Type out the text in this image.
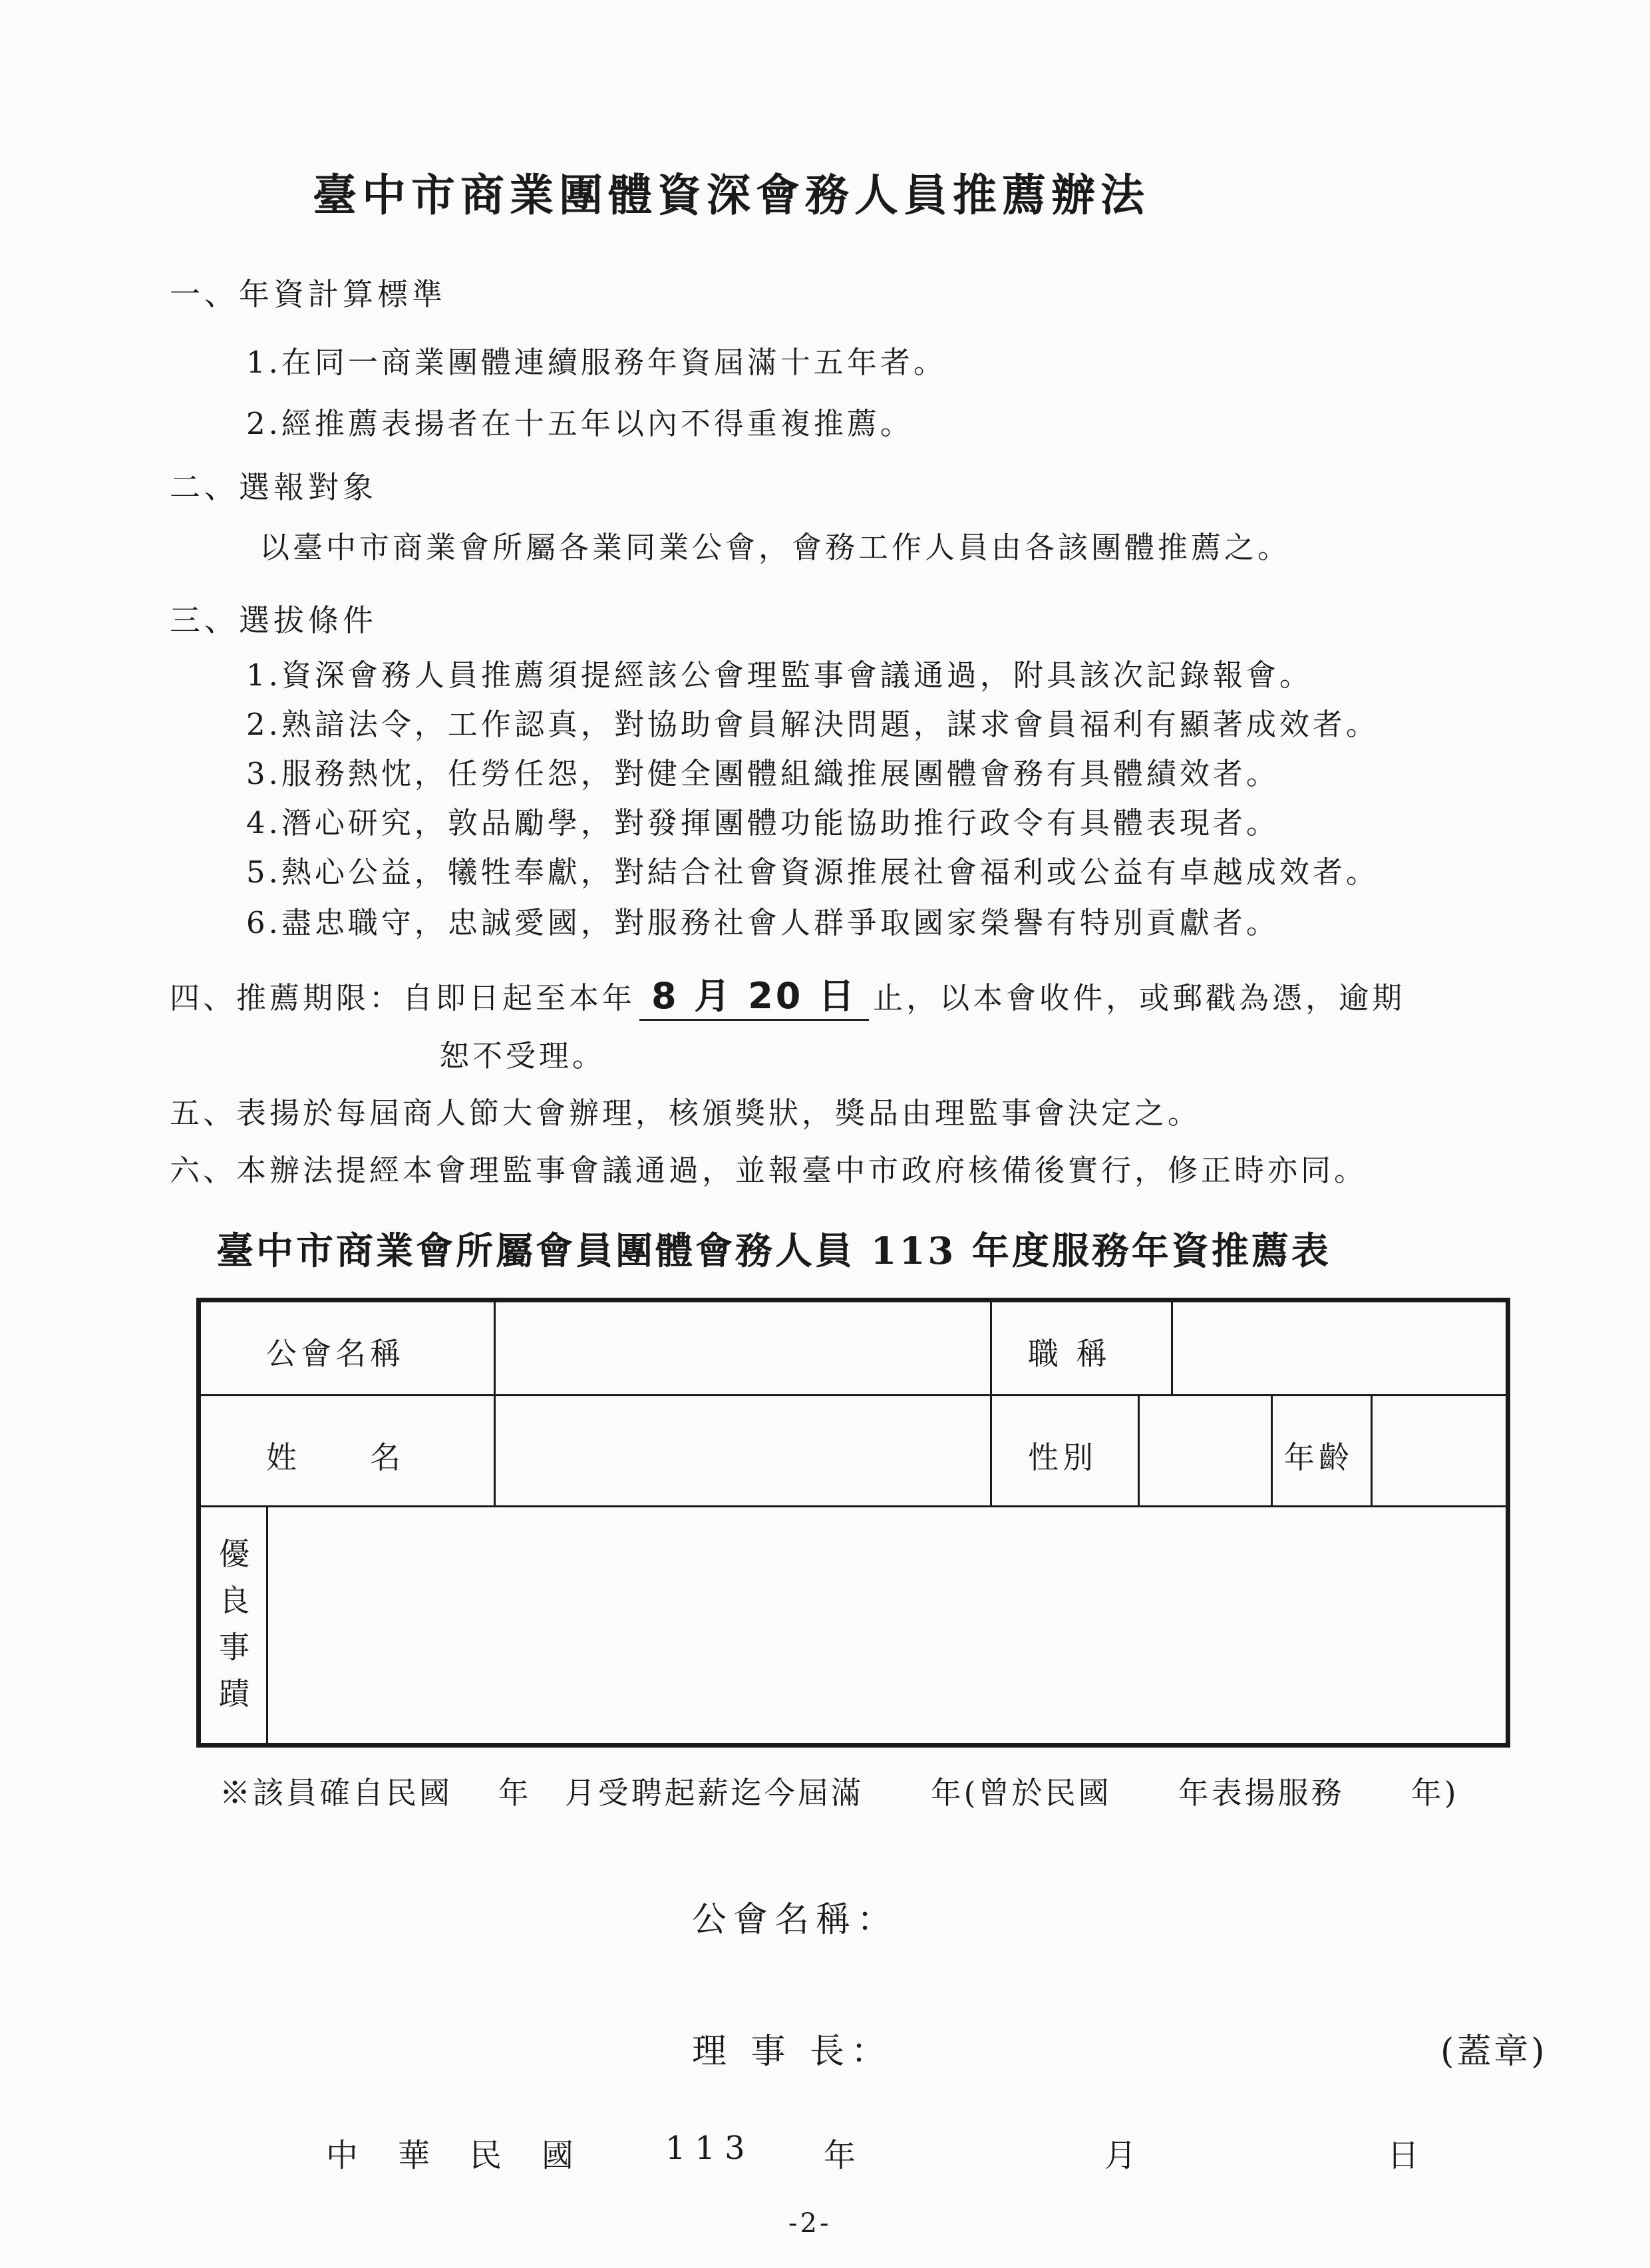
臺中市商業團體資深會務人員推薦辦法
一、年資計算標準
1.在同一商業團體連續服務年資屆滿十五年者。
2.經推薦表揚者在十五年以內不得重複推薦。
二、選報對象
以臺中市商業會所屬各業同業公會，會務工作人員由各該團體推薦之。
三、選拔條件
1.資深會務人員推薦須提經該公會理監事會議通過，附具該次記錄報會。
2.熟諳法令，工作認真，對協助會員解決問題，謀求會員福利有顯著成效者。
3.服務熱忱，任勞任怨，對健全團體組織推展團體會務有具體績效者。
4.潛心研究，敦品勵學，對發揮團體功能協助推行政令有具體表現者。
5.熱心公益，犧牲奉獻，對結合社會資源推展社會福利或公益有卓越成效者。
6.盡忠職守，忠誠愛國，對服務社會人群爭取國家榮譽有特別貢獻者。
四、推薦期限：自即日起至本年 8 月 20 日 止，以本會收件，或郵戳為憑，逾期
恕不受理。
五、表揚於每屆商人節大會辦理，核頒獎狀，獎品由理監事會決定之。
六、本辦法提經本會理監事會議通過，並報臺中市政府核備後實行，修正時亦同。
臺中市商業會所屬會員團體會務人員 113 年度服務年資推薦表
公會名稱	職 稱
姓　　名	性別	年齡
優
良
事
蹟
※該員確自民國　 年　月受聘起薪迄今屆滿　　年(曾於民國　　年表揚服務　　年)
公會名稱：
理 事 長：	(蓋章)
中　華　民　國	113 年	月	日
-2-
